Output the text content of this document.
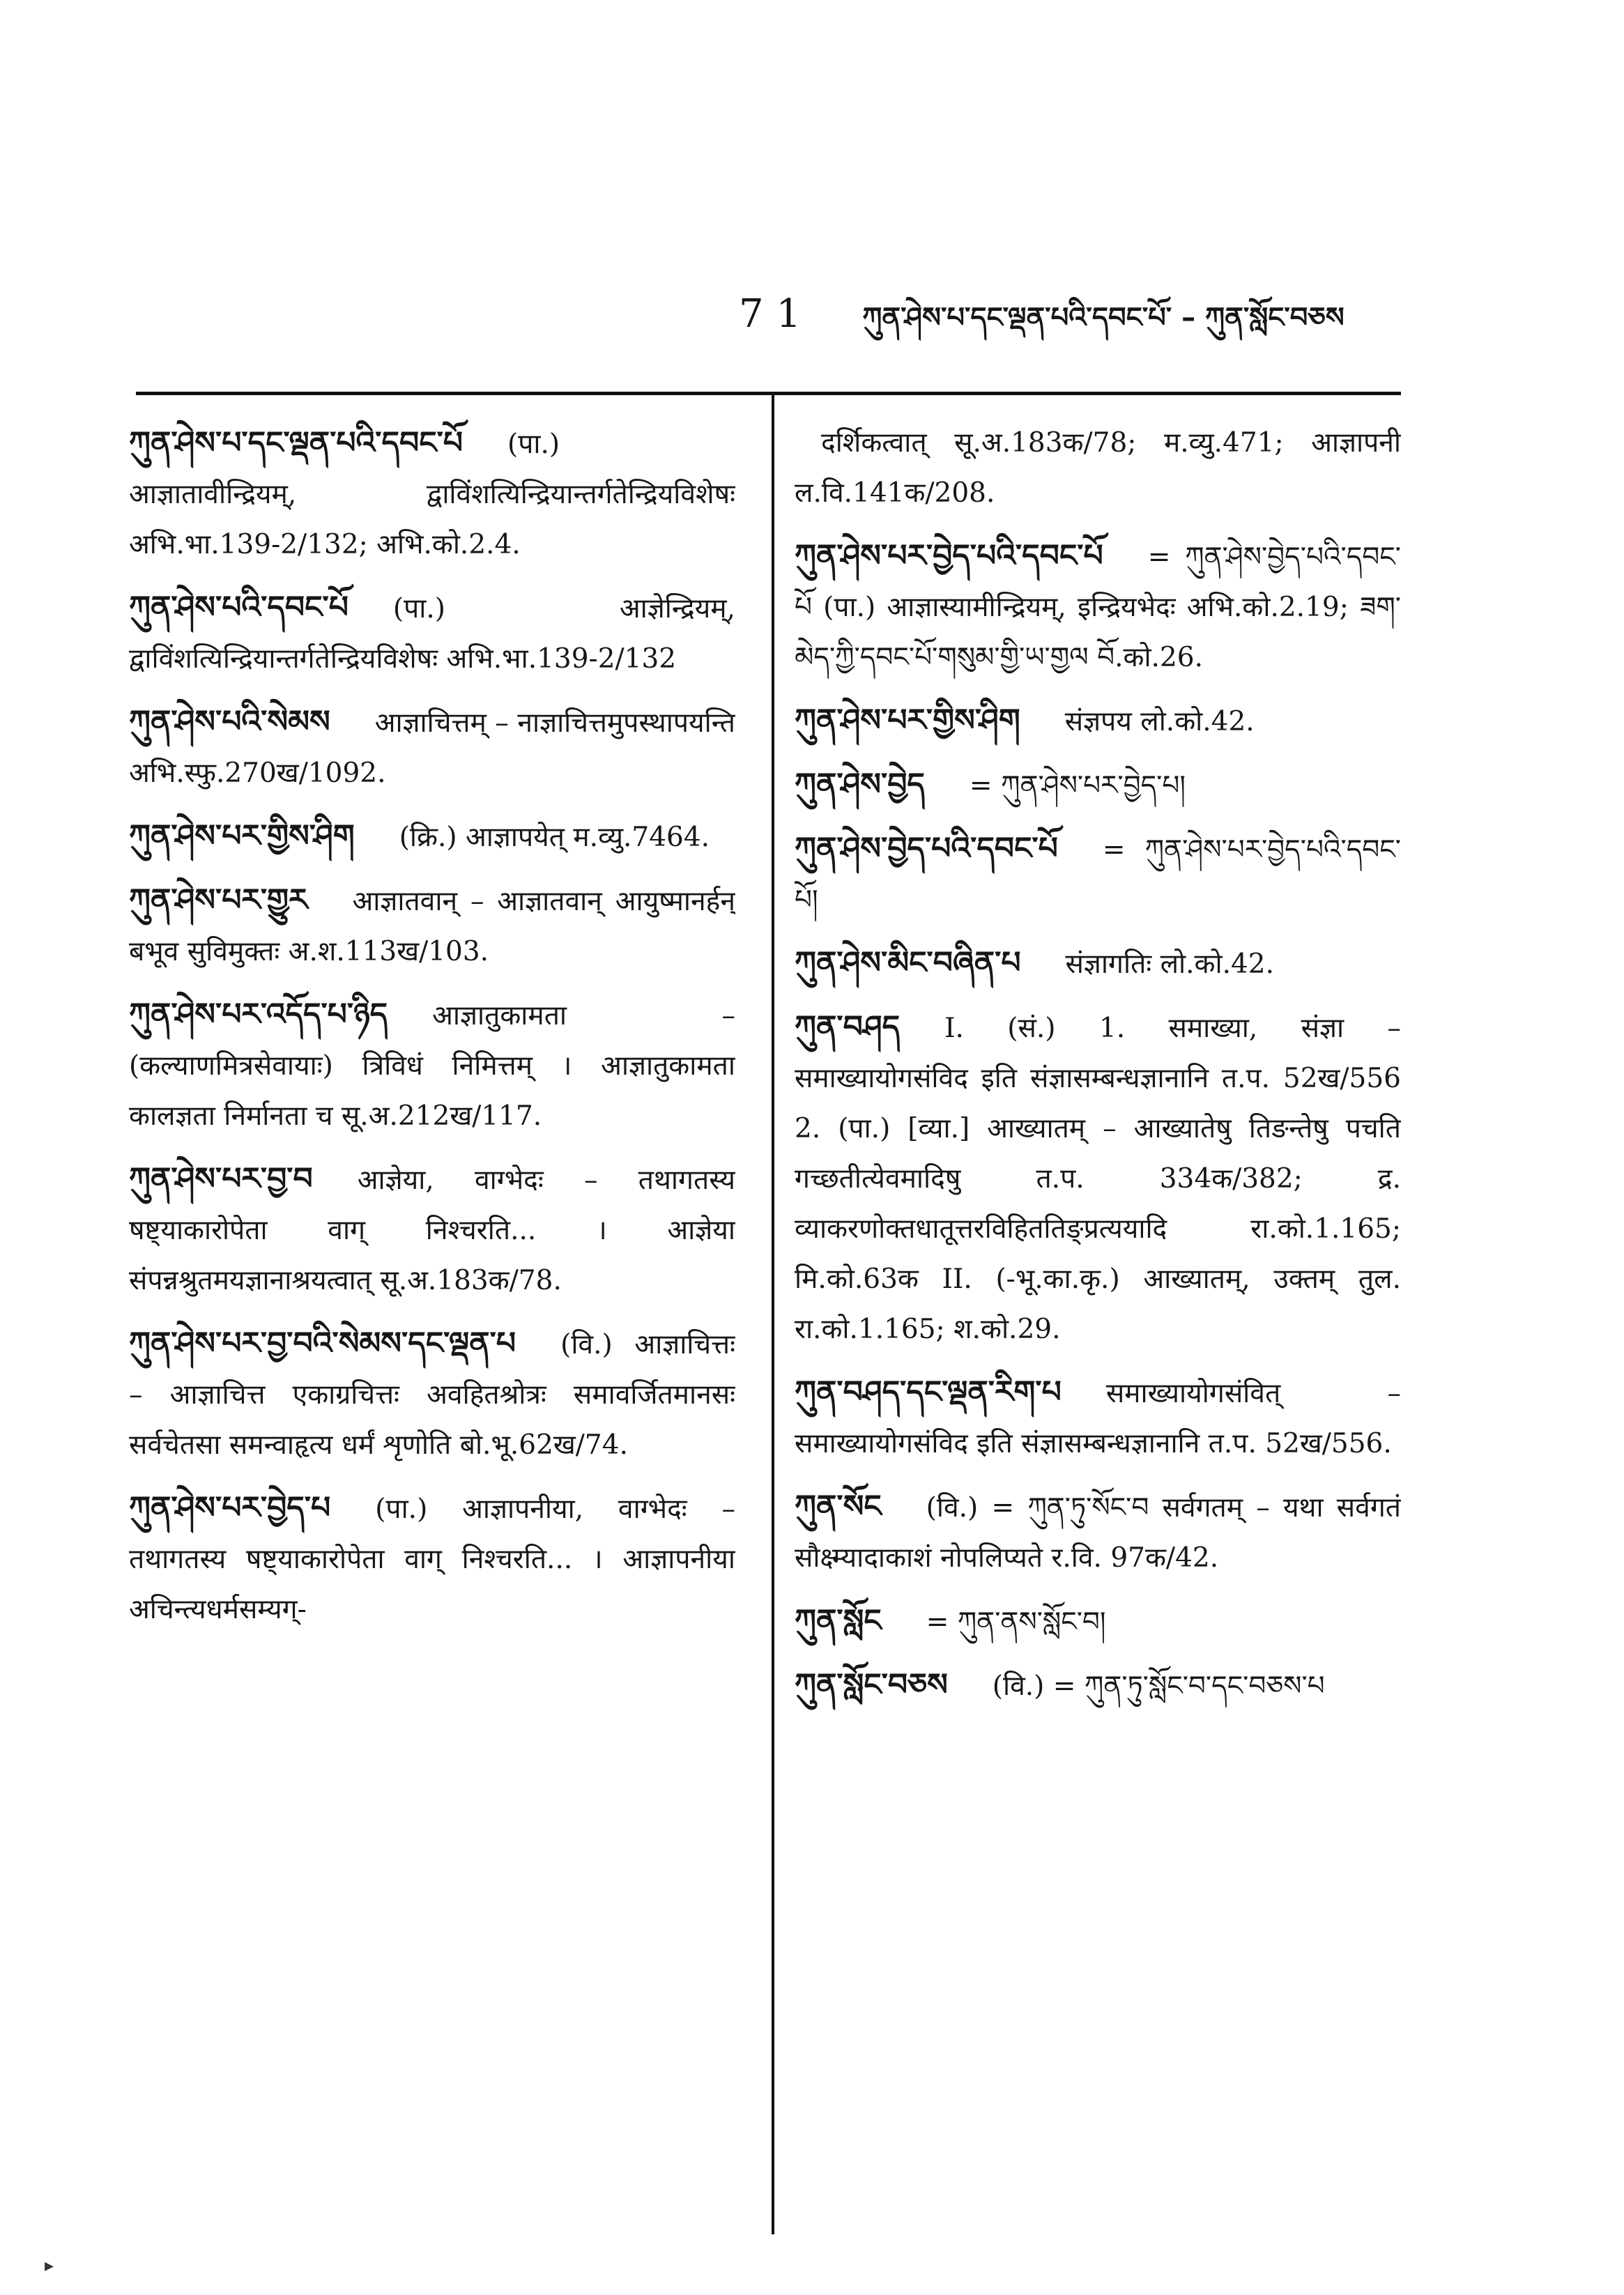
71 ཀུན་ཤེས་པ་དང་ལྡན་པའི་དབང་པོ་ – ཀུན་སློང་བཅས
ཀུན་ཤེས་པ་དང་ལྡན་པའི་དབང་པོ (पा.) आज्ञातावीन्द्रियम्, द्वाविंशत्यिन्द्रियान्तर्गतेन्द्रियविशेषः अभि.भा.139-2/132; अभि.को.2.4.
ཀུན་ཤེས་པའི་དབང་པོ (पा.) आज्ञेन्द्रियम्, द्वाविंशत्यिन्द्रियान्तर्गतेन्द्रियविशेषः अभि.भा.139-2/132
ཀུན་ཤེས་པའི་སེམས आज्ञाचित्तम् – नाज्ञाचित्तमुपस्थापयन्ति अभि.स्फु.270ख/1092.
ཀུན་ཤེས་པར་གྱིས་ཤིག (क्रि.) आज्ञापयेत् म.व्यु.7464.
ཀུན་ཤེས་པར་གྱུར आज्ञातवान् – आज्ञातवान् आयुष्मानर्हन् बभूव सुविमुक्तः अ.श.113ख/103.
ཀུན་ཤེས་པར་འདོད་པ་ཉིད आज्ञातुकामता – (कल्याणमित्रसेवायाः) त्रिविधं निमित्तम् । आज्ञातुकामता कालज्ञता निर्मानता च सू.अ.212ख/117.
ཀུན་ཤེས་པར་བྱ་བ आज्ञेया, वाग्भेदः – तथागतस्य षष्ट्याकारोपेता वाग् निश्चरति... । आज्ञेया संपन्नश्रुतमयज्ञानाश्रयत्वात् सू.अ.183क/78.
ཀུན་ཤེས་པར་བྱ་བའི་སེམས་དང་ལྡན་པ (वि.) आज्ञाचित्तः – आज्ञाचित्त एकाग्रचित्तः अवहितश्रोत्रः समावर्जितमानसः सर्वचेतसा समन्वाहृत्य धर्मं शृणोति बो.भू.62ख/74.
ཀུན་ཤེས་པར་བྱེད་པ (पा.) आज्ञापनीया, वाग्भेदः – तथागतस्य षष्ट्याकारोपेता वाग् निश्चरति... । आज्ञापनीया अचिन्त्यधर्मसम्यग्-
दर्शिकत्वात् सू.अ.183क/78; म.व्यु.471; आज्ञापनी ल.वि.141क/208.
ཀུན་ཤེས་པར་བྱེད་པའི་དབང་པོ = ཀུན་ཤེས་བྱེད་པའི་དབང་པོ (पा.) आज्ञास्यामीन्द्रियम्, इन्द्रियभेदः अभि.को.2.19; ཟག་མེད་ཀྱི་དབང་པོ་གསུམ་གྱི་ཡ་གྱལ བོ.को.26.
ཀུན་ཤེས་པར་གྱིས་ཤིག संज्ञपय लो.को.42.
ཀུན་ཤེས་བྱེད = ཀུན་ཤེས་པར་བྱེད་པ།
ཀུན་ཤེས་བྱེད་པའི་དབང་པོ = ཀུན་ཤེས་པར་བྱེད་པའི་དབང་པོ།
ཀུན་ཤེས་མིང་བཞིན་པ संज्ञागतिः लो.को.42.
ཀུན་བཤད I. (सं.) 1. समाख्या, संज्ञा – समाख्यायोगसंविद इति संज्ञासम्बन्धज्ञानानि त.प. 52ख/556 2. (पा.) [व्या.] आख्यातम् – आख्यातेषु तिङन्तेषु पचति गच्छतीत्येवमादिषु त.प. 334क/382; द्र. व्याकरणोक्तधातूत्तरविहिततिङ्प्रत्ययादि रा.को.1.165; मि.को.63क II. (-भू.का.कृ.) आख्यातम्, उक्तम् तुल. रा.को.1.165; श.को.29.
ཀུན་བཤད་དང་ལྡན་རིག་པ समाख्यायोगसंवित् – समाख्यायोगसंविद इति संज्ञासम्बन्धज्ञानानि त.प. 52ख/556.
ཀུན་སོང (वि.) = ཀུན་ཏུ་སོང་བ सर्वगतम् – यथा सर्वगतं सौक्ष्म्यादाकाशं नोपलिप्यते र.वि. 97क/42.
ཀུན་སློང = ཀུན་ནས་སློང་བ།
ཀུན་སློང་བཅས (वि.) = ཀུན་ཏུ་སློང་བ་དང་བཅས་པ
▸
